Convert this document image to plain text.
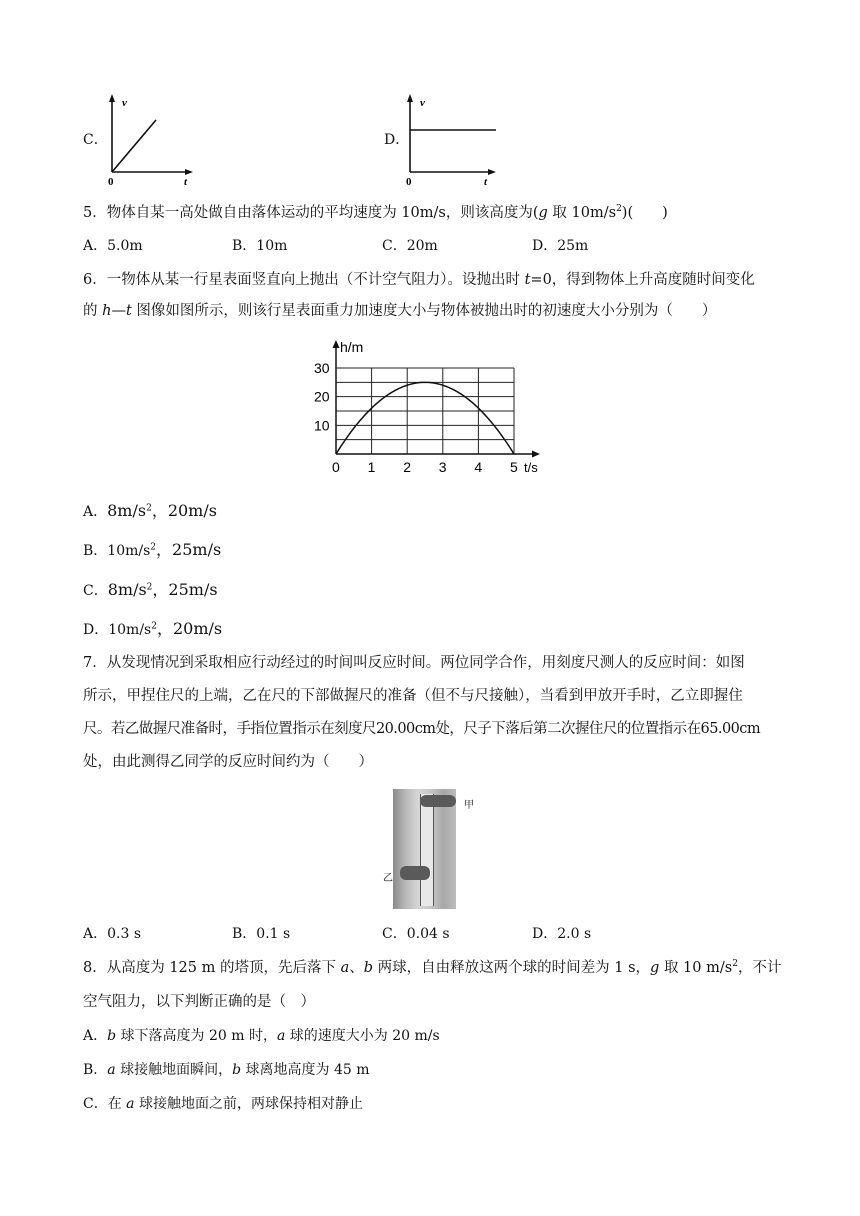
C．
v
t
0
D．
v
t
0
5．物体自某一高处做自由落体运动的平均速度为 10m/s，则该高度为(g 取 $10m/s^2$)(　　)
A．5.0m	B．10m	C．20m	D．25m
6．一物体从某一行星表面竖直向上抛出（不计空气阻力）。设抛出时 t=0，得到物体上升高度随时间变化
的 h—t 图像如图所示，则该行星表面重力加速度大小与物体被抛出时的初速度大小分别为（　　）
0 1 2 3 4 5
10
20
30
h/m
t/s
A．$8m/s^2$，20m/s
B．$10m/s^2$，25m/s
C．$8m/s^2$，25m/s
D．$10m/s^2$，20m/s
7．从发现情况到采取相应行动经过的时间叫反应时间。两位同学合作，用刻度尺测人的反应时间：如图
所示，甲捏住尺的上端，乙在尺的下部做握尺的准备（但不与尺接触），当看到甲放开手时，乙立即握住
尺。若乙做握尺准备时，手指位置指示在刻度尺20.00cm处，尺子下落后第二次握住尺的位置指示在65.00cm
处，由此测得乙同学的反应时间约为（　　）
甲
乙
A．0.3 s	B．0.1 s	C．0.04 s	D．2.0 s
8．从高度为 125 m 的塔顶，先后落下 a、b 两球，自由释放这两个球的时间差为 1 s，g 取 10 $m/s^2$，不计
空气阻力，以下判断正确的是（　）
A．b 球下落高度为 20 m 时，a 球的速度大小为 20 m/s
B．a 球接触地面瞬间，b 球离地高度为 45 m
C．在 a 球接触地面之前，两球保持相对静止
